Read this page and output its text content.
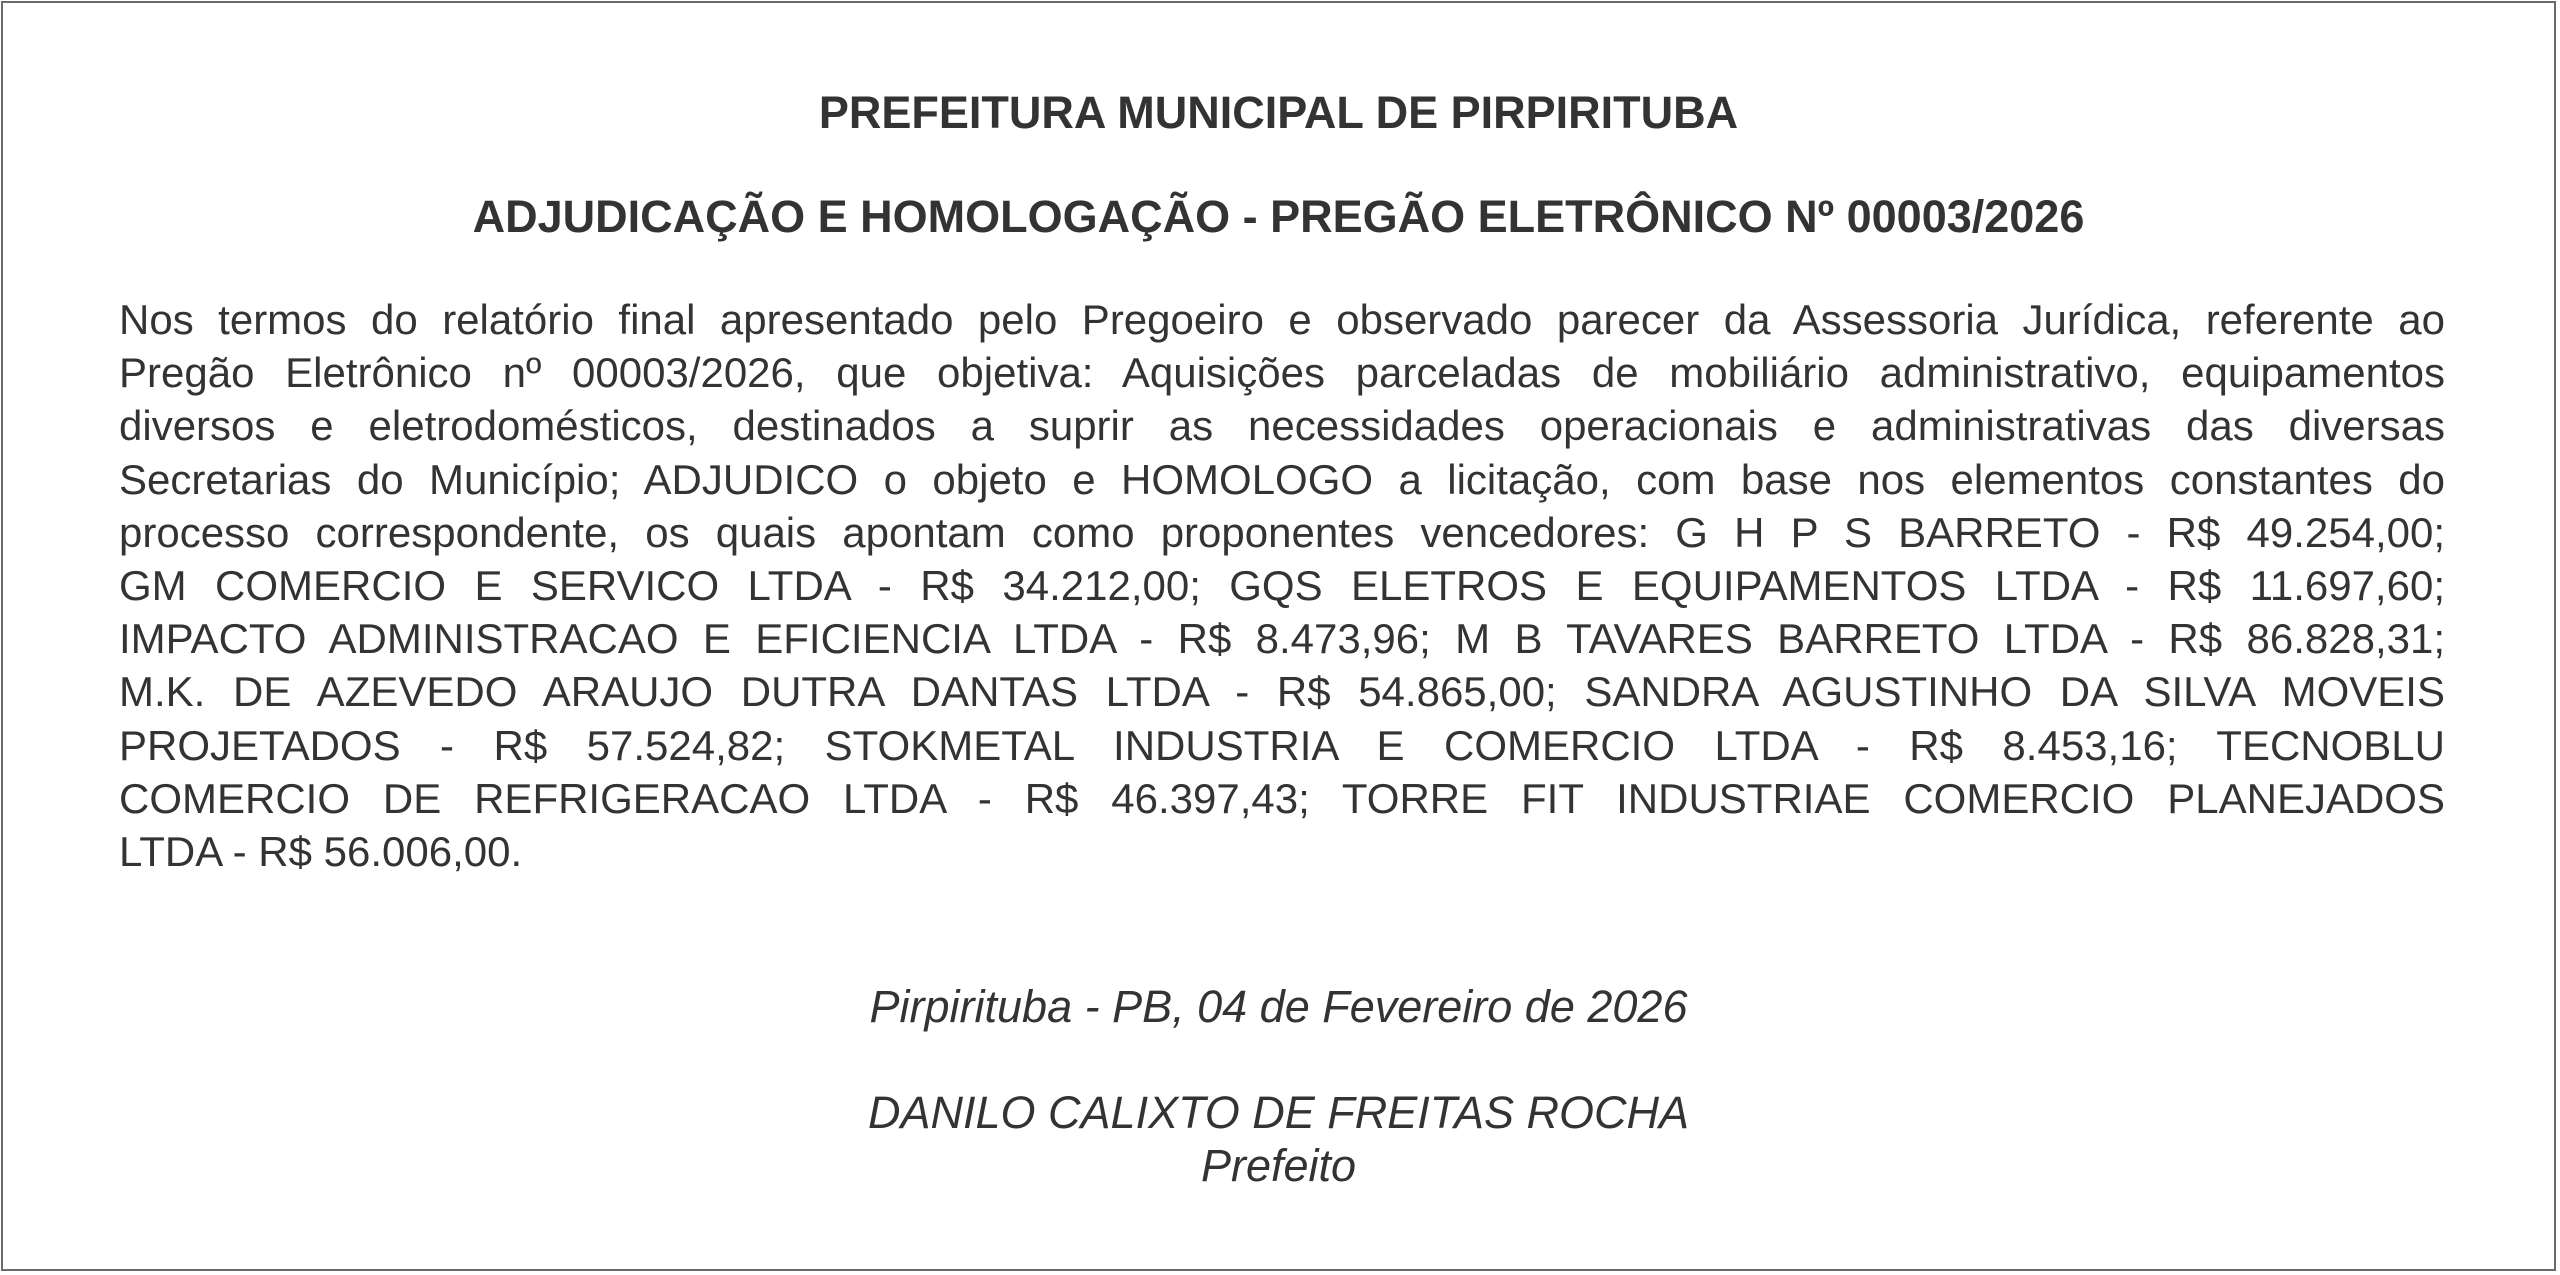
PREFEITURA MUNICIPAL DE PIRPIRITUBA
ADJUDICAÇÃO E HOMOLOGAÇÃO - PREGÃO ELETRÔNICO Nº 00003/2026
Nos termos do relatório final apresentado pelo Pregoeiro e observado parecer da Assessoria Jurídica, referente ao
Pregão Eletrônico nº 00003/2026, que objetiva: Aquisições parceladas de mobiliário administrativo, equipamentos
diversos e eletrodomésticos, destinados a suprir as necessidades operacionais e administrativas das diversas
Secretarias do Município; ADJUDICO o objeto e HOMOLOGO a licitação, com base nos elementos constantes do
processo correspondente, os quais apontam como proponentes vencedores: G H P S BARRETO - R$ 49.254,00;
GM COMERCIO E SERVICO LTDA - R$ 34.212,00; GQS ELETROS E EQUIPAMENTOS LTDA - R$ 11.697,60;
IMPACTO ADMINISTRACAO E EFICIENCIA LTDA - R$ 8.473,96; M B TAVARES BARRETO LTDA - R$ 86.828,31;
M.K. DE AZEVEDO ARAUJO DUTRA DANTAS LTDA - R$ 54.865,00; SANDRA AGUSTINHO DA SILVA MOVEIS
PROJETADOS - R$ 57.524,82; STOKMETAL INDUSTRIA E COMERCIO LTDA - R$ 8.453,16; TECNOBLU
COMERCIO DE REFRIGERACAO LTDA - R$ 46.397,43; TORRE FIT INDUSTRIAE COMERCIO PLANEJADOS
LTDA - R$ 56.006,00.
Pirpirituba - PB, 04 de Fevereiro de 2026
DANILO CALIXTO DE FREITAS ROCHA
Prefeito
